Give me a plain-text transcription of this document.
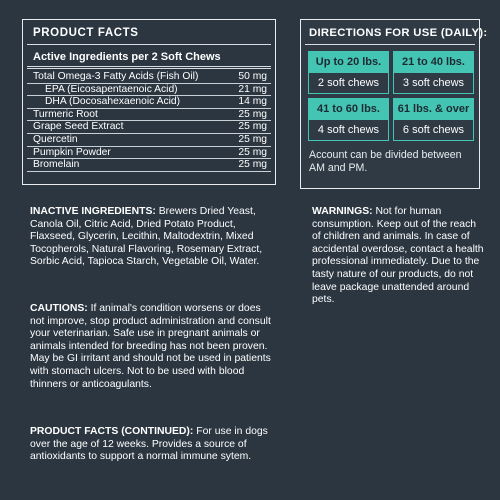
PRODUCT FACTS
Active Ingredients per 2 Soft Chews
Total Omega-3 Fatty Acids (Fish Oil)	50 mg
EPA (Eicosapentaenoic Acid)	21 mg
DHA (Docosahexaenoic Acid)	14 mg
Turmeric Root	25 mg
Grape Seed Extract	25 mg
Quercetin	25 mg
Pumpkin Powder	25 mg
Bromelain	25 mg
DIRECTIONS FOR USE (DAILY):
Up to 20 lbs.
2 soft chews
21 to 40 lbs.
3 soft chews
41 to 60 lbs.
4 soft chews
61 lbs. & over
6 soft chews
Account can be divided between AM and PM.
INACTIVE INGREDIENTS: Brewers Dried Yeast, Canola Oil, Citric Acid, Dried Potato Product, Flaxseed, Glycerin, Lecithin, Maltodextrin, Mixed Tocopherols, Natural Flavoring, Rosemary Extract, Sorbic Acid, Tapioca Starch, Vegetable Oil, Water.
CAUTIONS: If animal's condition worsens or does not improve, stop product administration and consult your veterinarian. Safe use in pregnant animals or animals intended for breeding has not been proven. May be GI irritant and should not be used in patients with stomach ulcers. Not to be used with blood thinners or anticoagulants.
PRODUCT FACTS (CONTINUED): For use in dogs over the age of 12 weeks. Provides a source of antioxidants to support a normal immune sytem.
WARNINGS: Not for human consumption. Keep out of the reach of children and animals. In case of accidental overdose, contact a health professional immediately. Due to the tasty nature of our products, do not leave package unattended around pets.
